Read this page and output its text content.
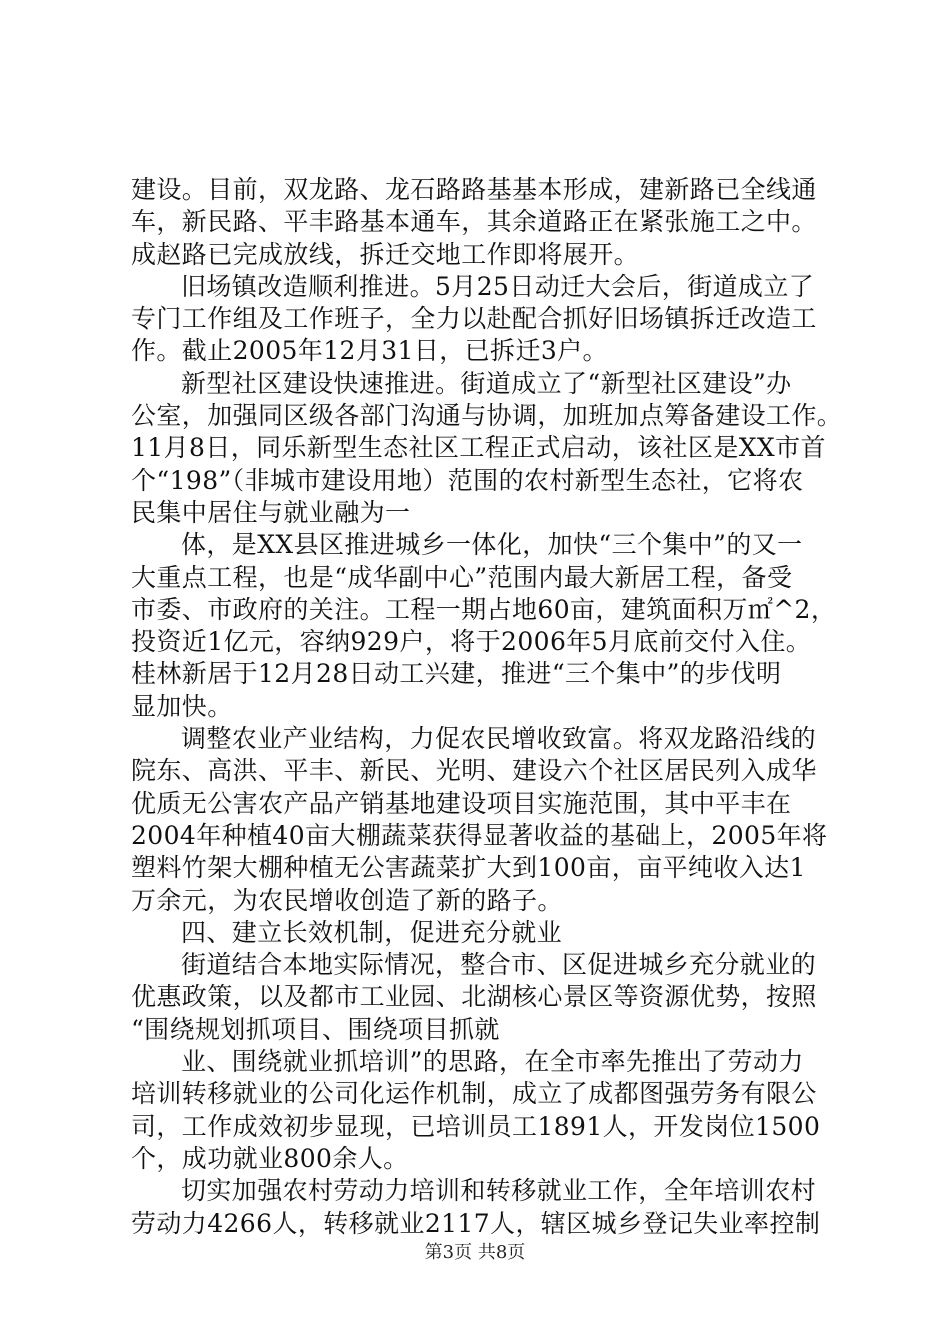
建设。目前，双龙路、龙石路路基基本形成，建新路已全线通
车，新民路、平丰路基本通车，其余道路正在紧张施工之中。
成赵路已完成放线，拆迁交地工作即将展开。
旧场镇改造顺利推进。5月25日动迁大会后，街道成立了
专门工作组及工作班子，全力以赴配合抓好旧场镇拆迁改造工
作。截止2005年12月31日，已拆迁3户。
新型社区建设快速推进。街道成立了“新型社区建设”办
公室，加强同区级各部门沟通与协调，加班加点筹备建设工作。
11月8日，同乐新型生态社区工程正式启动，该社区是XX市首
个“198”（非城市建设用地）范围的农村新型生态社，它将农
民集中居住与就业融为一
体，是XX县区推进城乡一体化，加快“三个集中”的又一
大重点工程，也是“成华副中心”范围内最大新居工程，备受
市委、市政府的关注。工程一期占地60亩，建筑面积万㎡^2，
投资近1亿元，容纳929户，将于2006年5月底前交付入住。
桂林新居于12月28日动工兴建，推进“三个集中”的步伐明
显加快。
调整农业产业结构，力促农民增收致富。将双龙路沿线的
院东、高洪、平丰、新民、光明、建设六个社区居民列入成华
优质无公害农产品产销基地建设项目实施范围，其中平丰在
2004年种植40亩大棚蔬菜获得显著收益的基础上，2005年将
塑料竹架大棚种植无公害蔬菜扩大到100亩，亩平纯收入达1
万余元，为农民增收创造了新的路子。
四、建立长效机制，促进充分就业
街道结合本地实际情况，整合市、区促进城乡充分就业的
优惠政策，以及都市工业园、北湖核心景区等资源优势，按照
“围绕规划抓项目、围绕项目抓就
业、围绕就业抓培训”的思路，在全市率先推出了劳动力
培训转移就业的公司化运作机制，成立了成都图强劳务有限公
司，工作成效初步显现，已培训员工1891人，开发岗位1500
个，成功就业800余人。
切实加强农村劳动力培训和转移就业工作，全年培训农村
劳动力4266人，转移就业2117人，辖区城乡登记失业率控制
第3页 共8页
